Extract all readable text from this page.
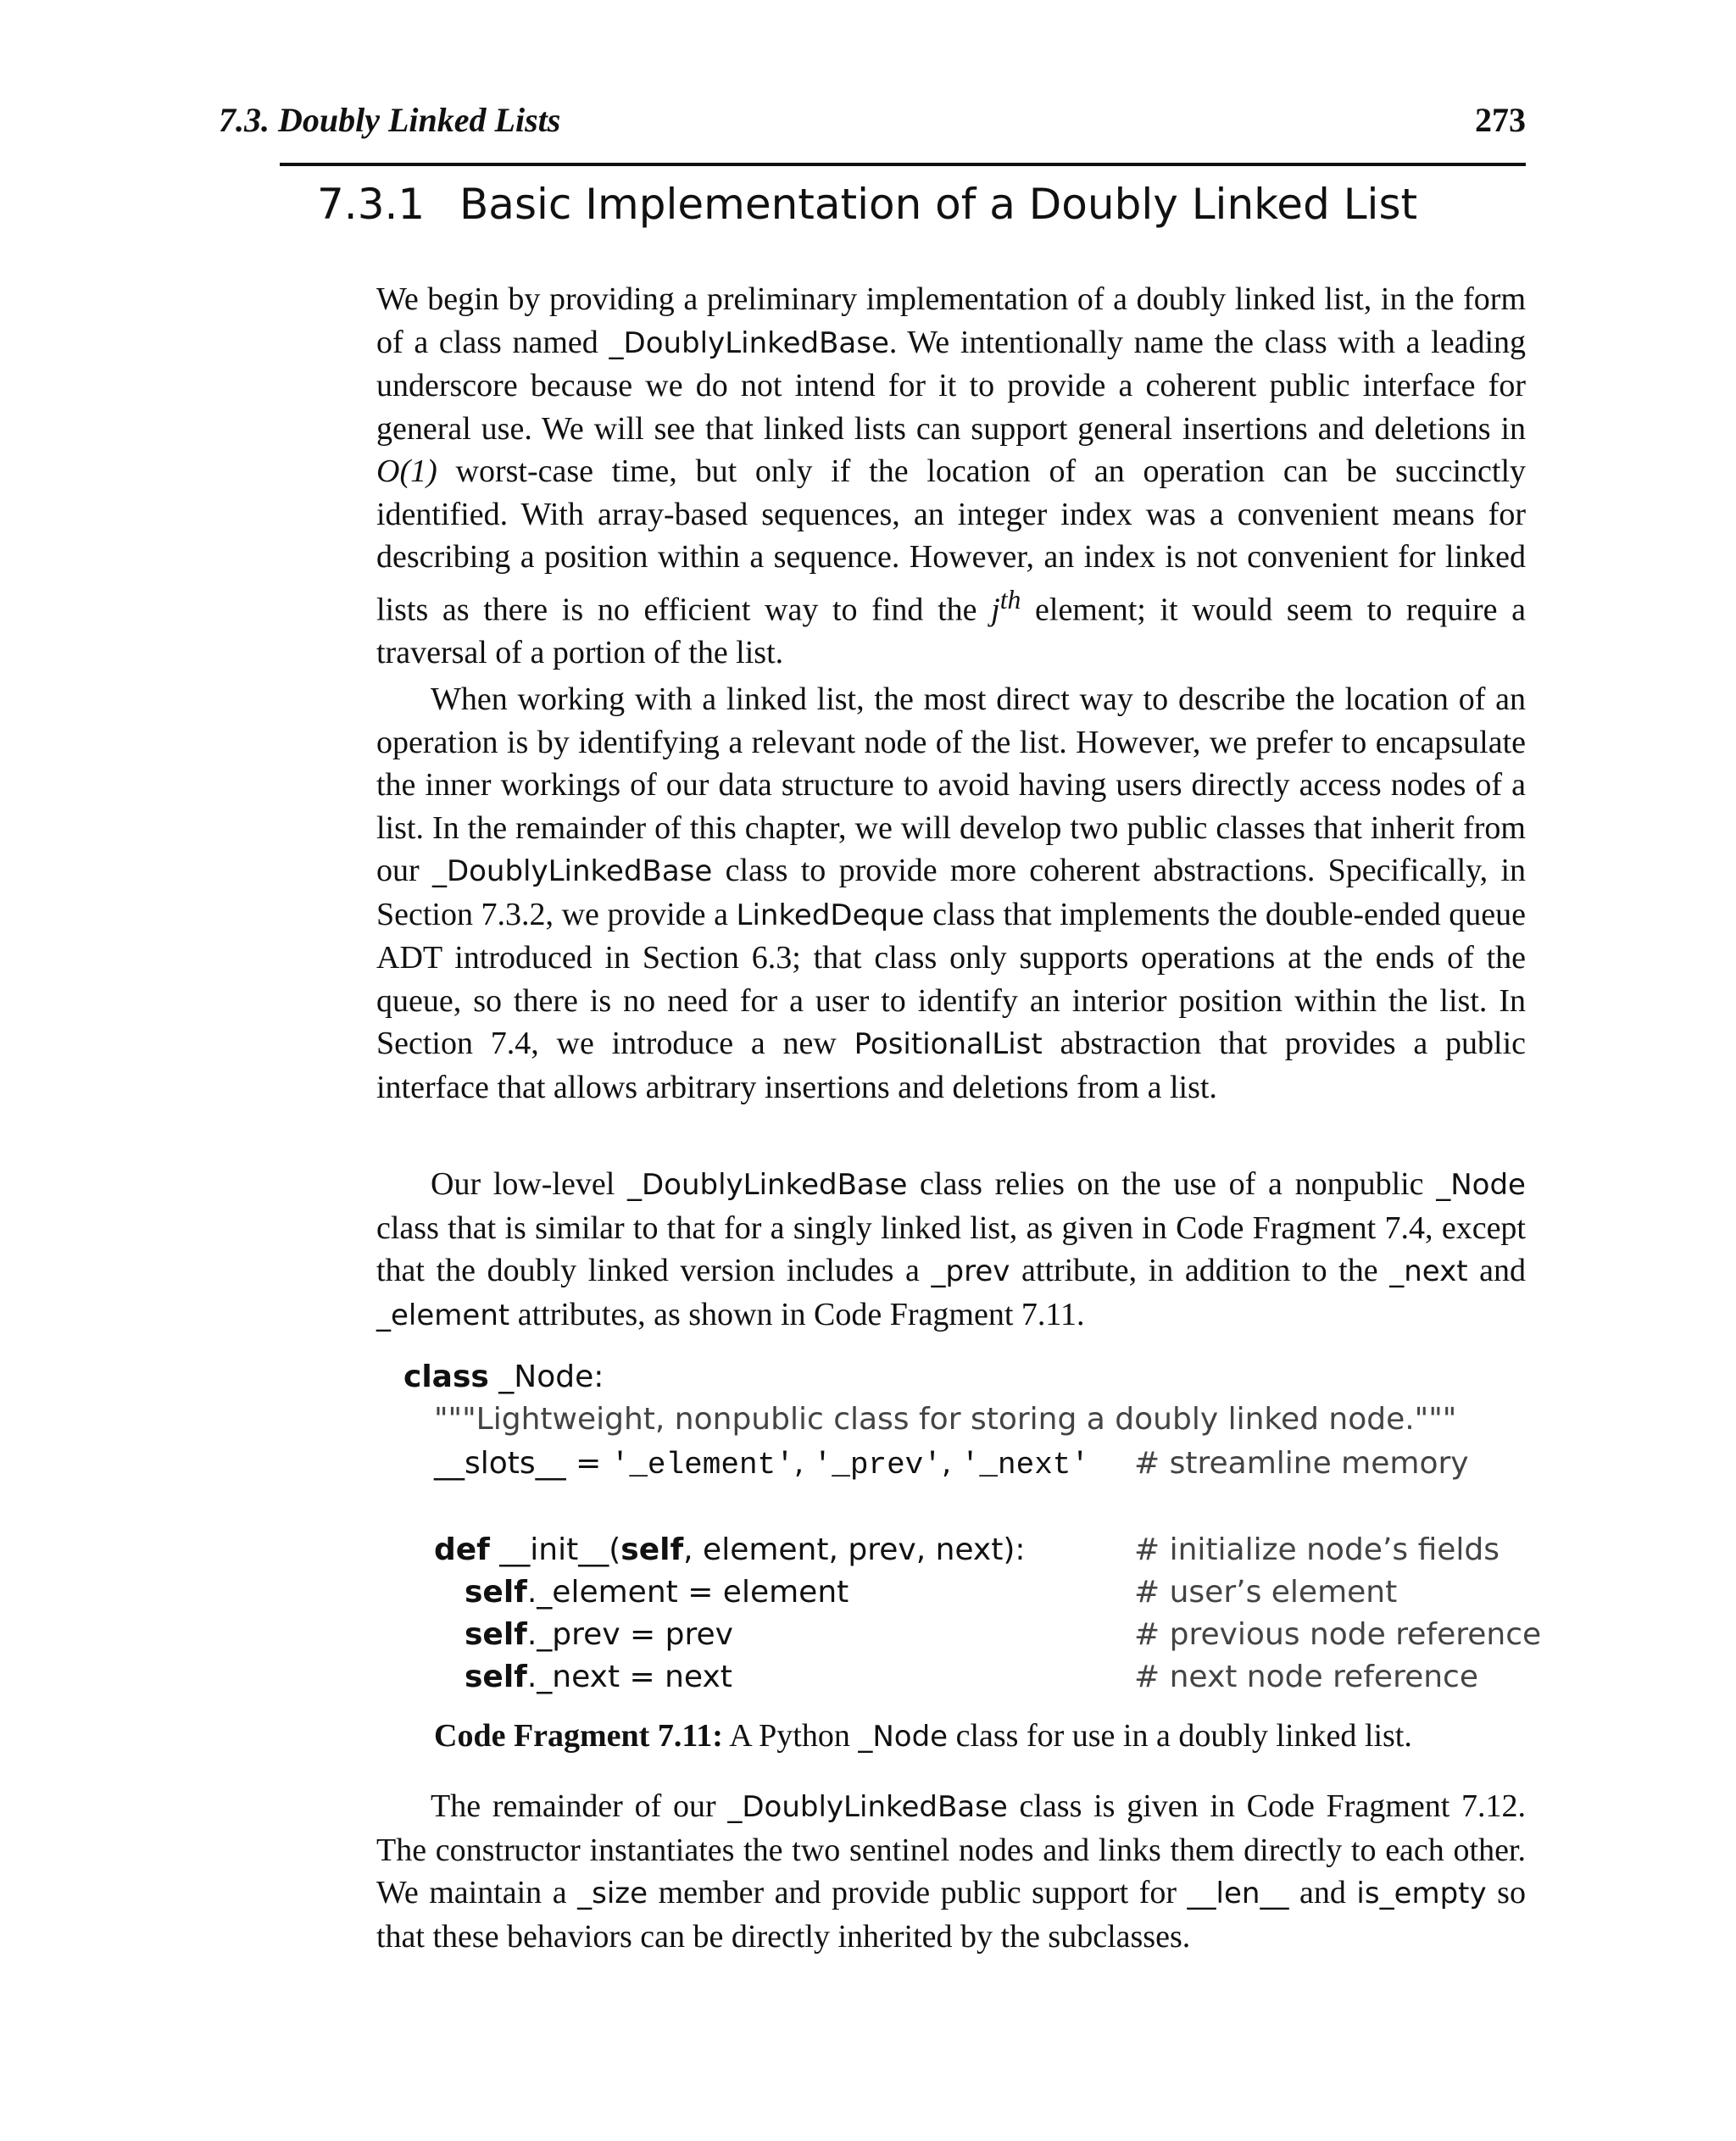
7.3. Doubly Linked Lists	273
7.3.1 Basic Implementation of a Doubly Linked List

We begin by providing a preliminary implementation of a doubly linked list, in the form of a class named _DoublyLinkedBase. We intentionally name the class with a leading underscore because we do not intend for it to provide a coherent public interface for general use. We will see that linked lists can support general insertions and deletions in O(1) worst-case time, but only if the location of an operation can be succinctly identified. With array-based sequences, an integer index was a convenient means for describing a position within a sequence. However, an index is not convenient for linked lists as there is no efficient way to find the $j^{th}$ element; it would seem to require a traversal of a portion of the list.

When working with a linked list, the most direct way to describe the location of an operation is by identifying a relevant node of the list. However, we prefer to encapsulate the inner workings of our data structure to avoid having users directly access nodes of a list. In the remainder of this chapter, we will develop two public classes that inherit from our _DoublyLinkedBase class to provide more coherent abstractions. Specifically, in Section 7.3.2, we provide a LinkedDeque class that implements the double-ended queue ADT introduced in Section 6.3; that class only supports operations at the ends of the queue, so there is no need for a user to identify an interior position within the list. In Section 7.4, we introduce a new PositionalList abstraction that provides a public interface that allows arbitrary insertions and deletions from a list.

Our low-level _DoublyLinkedBase class relies on the use of a nonpublic _Node class that is similar to that for a singly linked list, as given in Code Fragment 7.4, except that the doubly linked version includes a _prev attribute, in addition to the _next and _element attributes, as shown in Code Fragment 7.11.

class _Node:
"""Lightweight, nonpublic class for storing a doubly linked node."""
__slots__ = '_element', '_prev', '_next' # streamline memory
def __init__(self, element, prev, next):	# initialize node’s fields
self._element = element	# user’s element
self._prev = prev	# previous node reference
self._next = next	# next node reference
Code Fragment 7.11: A Python _Node class for use in a doubly linked list.

The remainder of our _DoublyLinkedBase class is given in Code Fragment 7.12. The constructor instantiates the two sentinel nodes and links them directly to each other. We maintain a _size member and provide public support for __len__ and is_empty so that these behaviors can be directly inherited by the subclasses.
